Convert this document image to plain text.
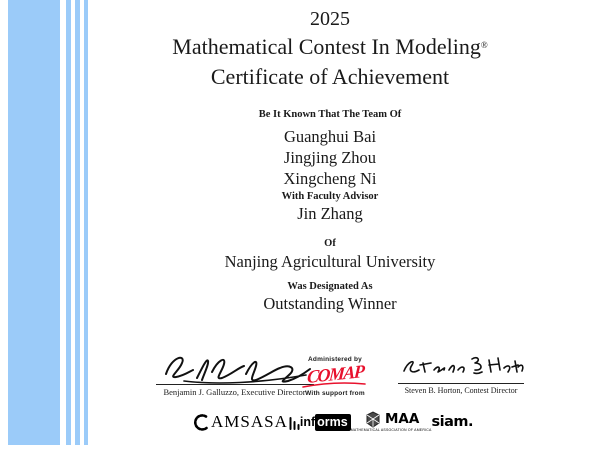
2025
Mathematical Contest In Modeling®
Certificate of Achievement
Be It Known That The Team Of
Guanghui Bai
Jingjing Zhou
Xingcheng Ni
With Faculty Advisor
Jin Zhang
Of
Nanjing Agricultural University
Was Designated As
Outstanding Winner
Benjamin J. Galluzzo, Executive Director
Administered by
COMAP
With support from	Steven B. Horton, Contest Director
AMS ASA inf orms	MAA
MATHEMATICAL ASSOCIATION OF AMERICA
siam.
